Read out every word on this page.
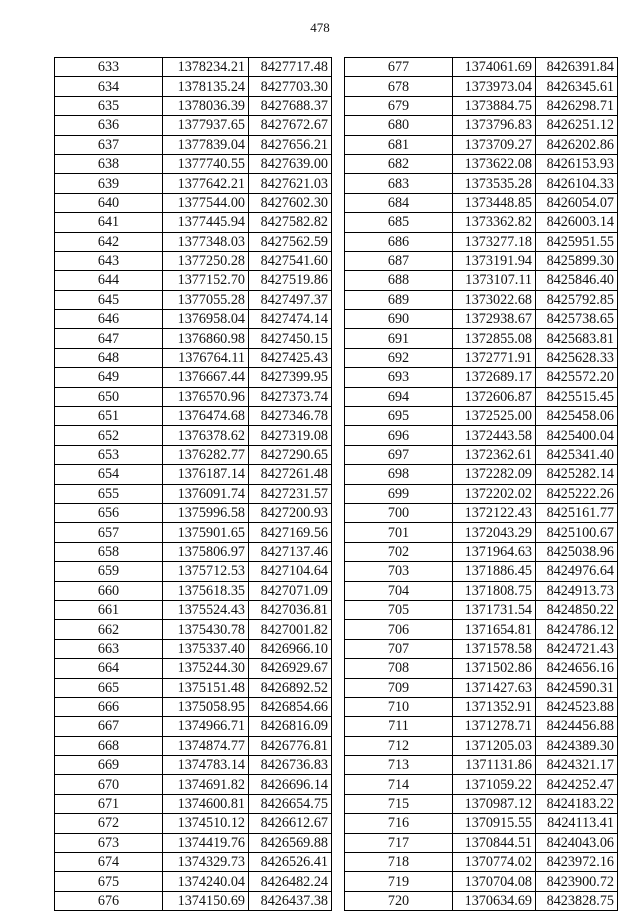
478
633	1378234.21	8427717.48
634	1378135.24	8427703.30
635	1378036.39	8427688.37
636	1377937.65	8427672.67
637	1377839.04	8427656.21
638	1377740.55	8427639.00
639	1377642.21	8427621.03
640	1377544.00	8427602.30
641	1377445.94	8427582.82
642	1377348.03	8427562.59
643	1377250.28	8427541.60
644	1377152.70	8427519.86
645	1377055.28	8427497.37
646	1376958.04	8427474.14
647	1376860.98	8427450.15
648	1376764.11	8427425.43
649	1376667.44	8427399.95
650	1376570.96	8427373.74
651	1376474.68	8427346.78
652	1376378.62	8427319.08
653	1376282.77	8427290.65
654	1376187.14	8427261.48
655	1376091.74	8427231.57
656	1375996.58	8427200.93
657	1375901.65	8427169.56
658	1375806.97	8427137.46
659	1375712.53	8427104.64
660	1375618.35	8427071.09
661	1375524.43	8427036.81
662	1375430.78	8427001.82
663	1375337.40	8426966.10
664	1375244.30	8426929.67
665	1375151.48	8426892.52
666	1375058.95	8426854.66
667	1374966.71	8426816.09
668	1374874.77	8426776.81
669	1374783.14	8426736.83
670	1374691.82	8426696.14
671	1374600.81	8426654.75
672	1374510.12	8426612.67
673	1374419.76	8426569.88
674	1374329.73	8426526.41
675	1374240.04	8426482.24
676	1374150.69	8426437.38
677	1374061.69	8426391.84
678	1373973.04	8426345.61
679	1373884.75	8426298.71
680	1373796.83	8426251.12
681	1373709.27	8426202.86
682	1373622.08	8426153.93
683	1373535.28	8426104.33
684	1373448.85	8426054.07
685	1373362.82	8426003.14
686	1373277.18	8425951.55
687	1373191.94	8425899.30
688	1373107.11	8425846.40
689	1373022.68	8425792.85
690	1372938.67	8425738.65
691	1372855.08	8425683.81
692	1372771.91	8425628.33
693	1372689.17	8425572.20
694	1372606.87	8425515.45
695	1372525.00	8425458.06
696	1372443.58	8425400.04
697	1372362.61	8425341.40
698	1372282.09	8425282.14
699	1372202.02	8425222.26
700	1372122.43	8425161.77
701	1372043.29	8425100.67
702	1371964.63	8425038.96
703	1371886.45	8424976.64
704	1371808.75	8424913.73
705	1371731.54	8424850.22
706	1371654.81	8424786.12
707	1371578.58	8424721.43
708	1371502.86	8424656.16
709	1371427.63	8424590.31
710	1371352.91	8424523.88
711	1371278.71	8424456.88
712	1371205.03	8424389.30
713	1371131.86	8424321.17
714	1371059.22	8424252.47
715	1370987.12	8424183.22
716	1370915.55	8424113.41
717	1370844.51	8424043.06
718	1370774.02	8423972.16
719	1370704.08	8423900.72
720	1370634.69	8423828.75
